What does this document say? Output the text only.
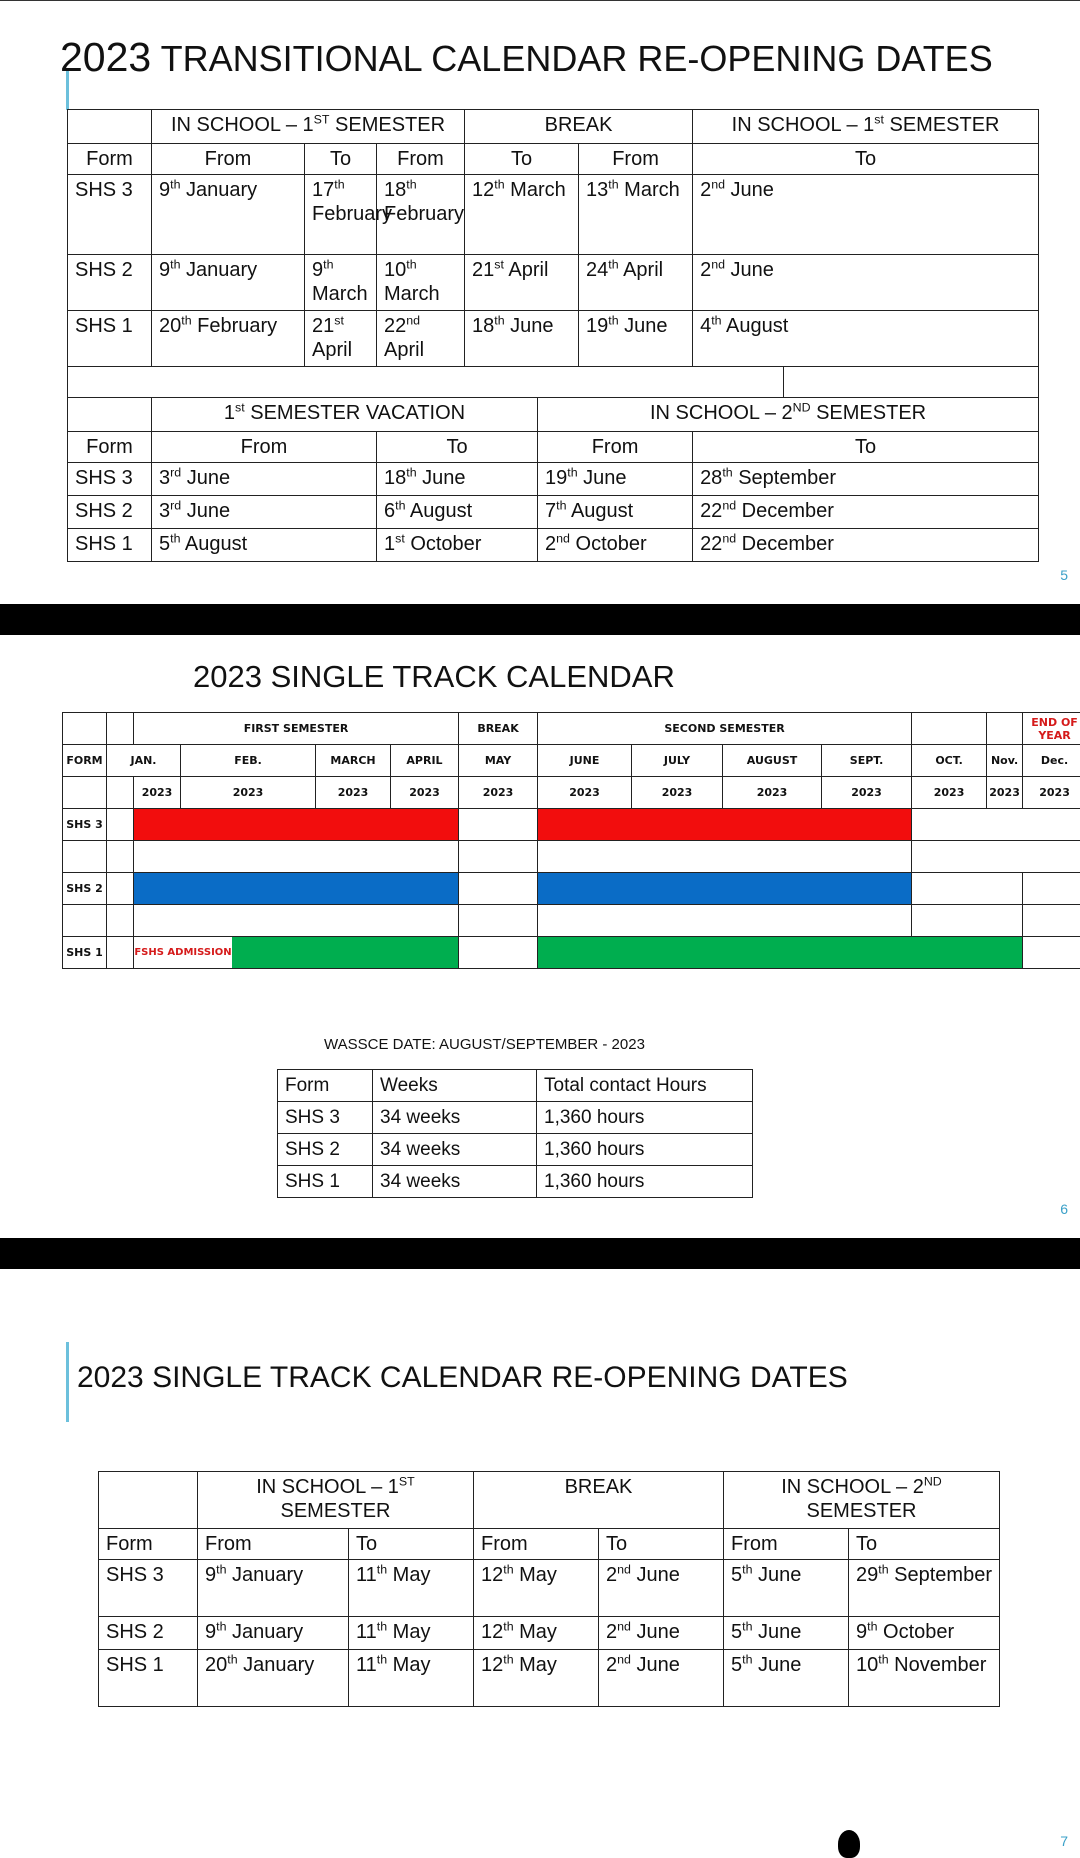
2023 TRANSITIONAL CALENDAR RE-OPENING DATES
	IN SCHOOL – 1ST SEMESTER			BREAK			IN SCHOOL – 1st SEMESTER	
Form	From	To	From	To		From	To	
SHS 3	9th January	17th February	18th February	12th March		13th March	2nd June	
SHS 2	9th January	9th March	10th March	21st April		24th April	2nd June	
SHS 1	20th February	21st April	22nd April	18th June		19th June	4th August	

	1st SEMESTER VACATION				IN SCHOOL – 2ND SEMESTER			
Form	From		To		From		To	
SHS 3	3rd June		18th June		19th June		28th September	
SHS 2	3rd June		6th August		7th August		22nd December	
SHS 1	5th August		1st October		2nd October		22nd December	
5
2023 SINGLE TRACK CALENDAR
		FIRST SEMESTER				BREAK	SECOND SEMESTER						END OF YEAR
FORM	JAN.		FEB.	MARCH	APRIL	MAY	JUNE	JULY	AUGUST	SEPT.	OCT.	Nov.	Dec.
		2023	2023	2023	2023	2023	2023	2023	2023	2023	2023	2023	2023
SHS 3													

SHS 2													

SHS 1		FSHS ADMISSION											

WASSCE DATE: AUGUST/SEPTEMBER - 2023
Form	Weeks	Total contact Hours
SHS 3	34 weeks	1,360 hours
SHS 2	34 weeks	1,360 hours
SHS 1	34 weeks	1,360 hours
6
2023 SINGLE TRACK CALENDAR RE-OPENING DATES
	IN SCHOOL – 1ST SEMESTER		BREAK		IN SCHOOL – 2ND SEMESTER	
Form	From	To	From	To	From	To
SHS 3	9th January	11th May	12th May	2nd June	5th June	29th September
SHS 2	9th January	11th May	12th May	2nd June	5th June	9th October
SHS 1	20th January	11th May	12th May	2nd June	5th June	10th November
7
